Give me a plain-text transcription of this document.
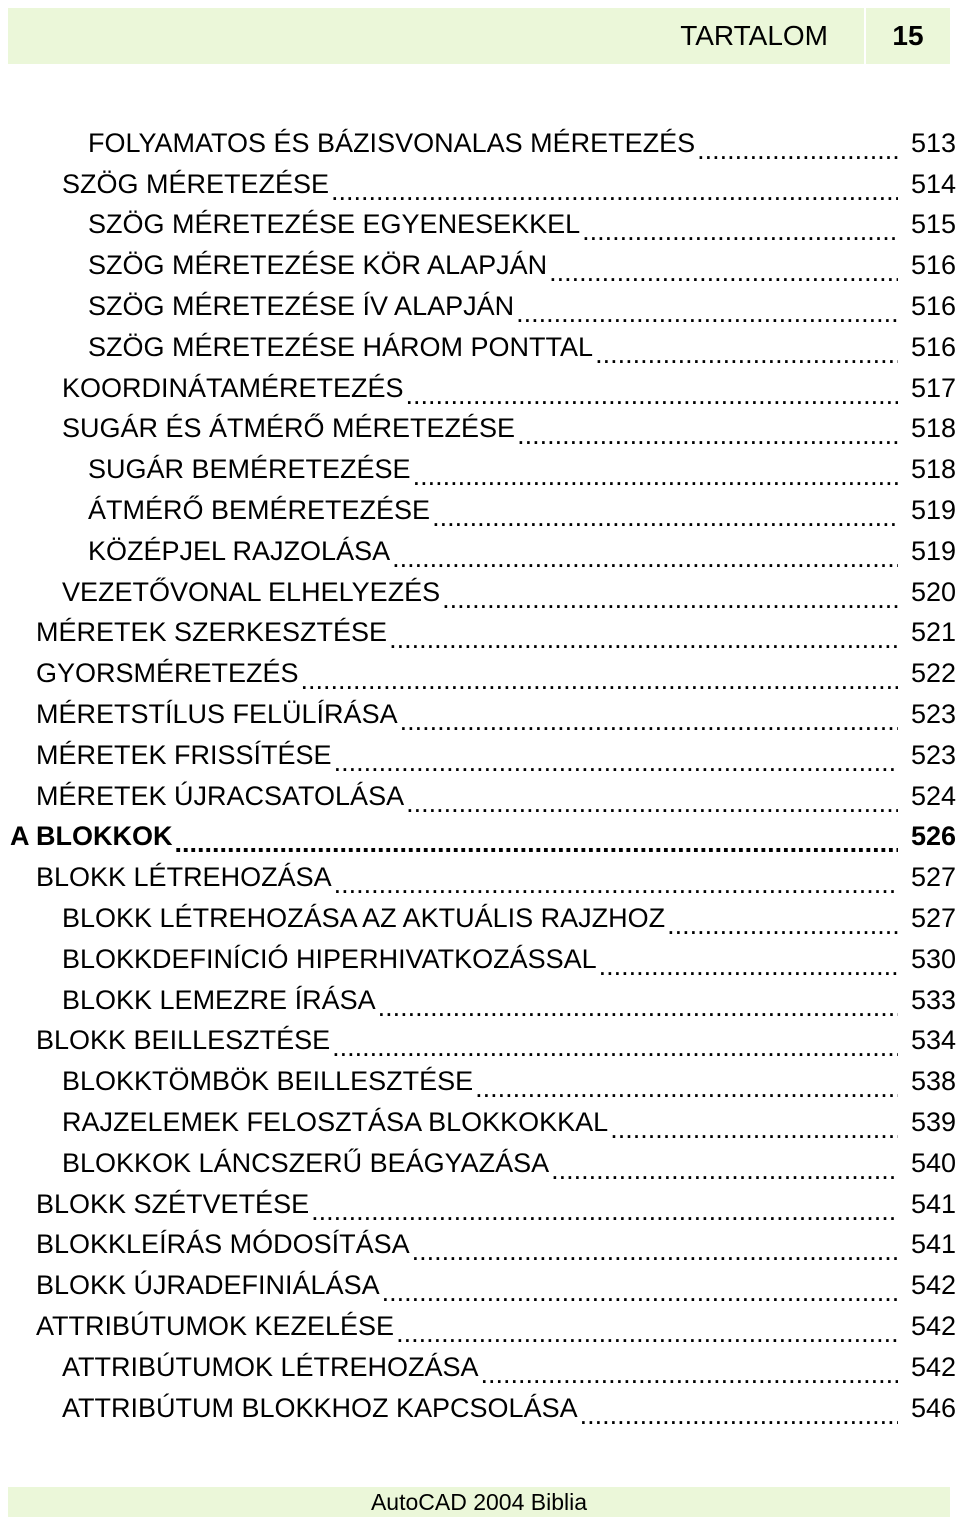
TARTALOM	15
FOLYAMATOS ÉS BÁZISVONALAS MÉRETEZÉS .....	513
SZÖG MÉRETEZÉSE .....	514
SZÖG MÉRETEZÉSE EGYENESEKKEL .....	515
SZÖG MÉRETEZÉSE KÖR ALAPJÁN .....	516
SZÖG MÉRETEZÉSE ÍV ALAPJÁN .....	516
SZÖG MÉRETEZÉSE HÁROM PONTTAL .....	516
KOORDINÁTAMÉRETEZÉS .....	517
SUGÁR ÉS ÁTMÉRŐ MÉRETEZÉSE .....	518
SUGÁR BEMÉRETEZÉSE .....	518
ÁTMÉRŐ BEMÉRETEZÉSE .....	519
KÖZÉPJEL RAJZOLÁSA .....	519
VEZETŐVONAL ELHELYEZÉS .....	520
MÉRETEK SZERKESZTÉSE .....	521
GYORSMÉRETEZÉS .....	522
MÉRETSTÍLUS FELÜLÍRÁSA .....	523
MÉRETEK FRISSÍTÉSE .....	523
MÉRETEK ÚJRACSATOLÁSA .....	524
A BLOKKOK .....	526
BLOKK LÉTREHOZÁSA .....	527
BLOKK LÉTREHOZÁSA AZ AKTUÁLIS RAJZHOZ .....	527
BLOKKDEFINÍCIÓ HIPERHIVATKOZÁSSAL .....	530
BLOKK LEMEZRE ÍRÁSA .....	533
BLOKK BEILLESZTÉSE .....	534
BLOKKTÖMBÖK BEILLESZTÉSE .....	538
RAJZELEMEK FELOSZTÁSA BLOKKOKKAL .....	539
BLOKKOK LÁNCSZERŰ BEÁGYAZÁSA .....	540
BLOKK SZÉTVETÉSE .....	541
BLOKKLEÍRÁS MÓDOSÍTÁSA .....	541
BLOKK ÚJRADEFINIÁLÁSA .....	542
ATTRIBÚTUMOK KEZELÉSE .....	542
ATTRIBÚTUMOK LÉTREHOZÁSA .....	542
ATTRIBÚTUM BLOKKHOZ KAPCSOLÁSA .....	546
AutoCAD 2004 Biblia
